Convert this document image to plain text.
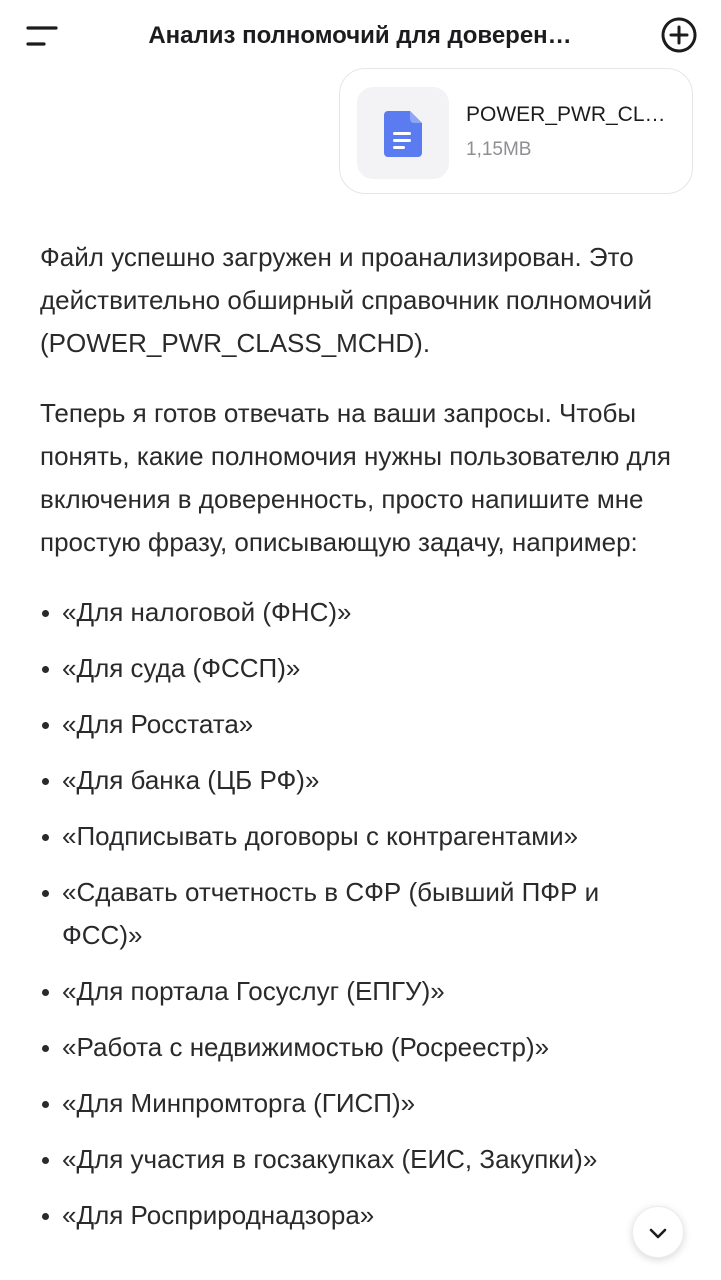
Анализ полномочий для доверен…
POWER_PWR_CL…
1,15MB

Файл успешно загружен и проанализирован. Это действительно обширный справочник полномочий (POWER_PWR_CLASS_MCHD).

Теперь я готов отвечать на ваши запросы. Чтобы понять, какие полномочия нужны пользователю для включения в доверенность, просто напишите мне простую фразу, описывающую задачу, например:

«Для налоговой (ФНС)»
«Для суда (ФССП)»
«Для Росстата»
«Для банка (ЦБ РФ)»
«Подписывать договоры с контрагентами»
«Сдавать отчетность в СФР (бывший ПФР и ФСС)»
«Для портала Госуслуг (ЕПГУ)»
«Работа с недвижимостью (Росреестр)»
«Для Минпромторга (ГИСП)»
«Для участия в госзакупках (ЕИС, Закупки)»
«Для Росприроднадзора»
